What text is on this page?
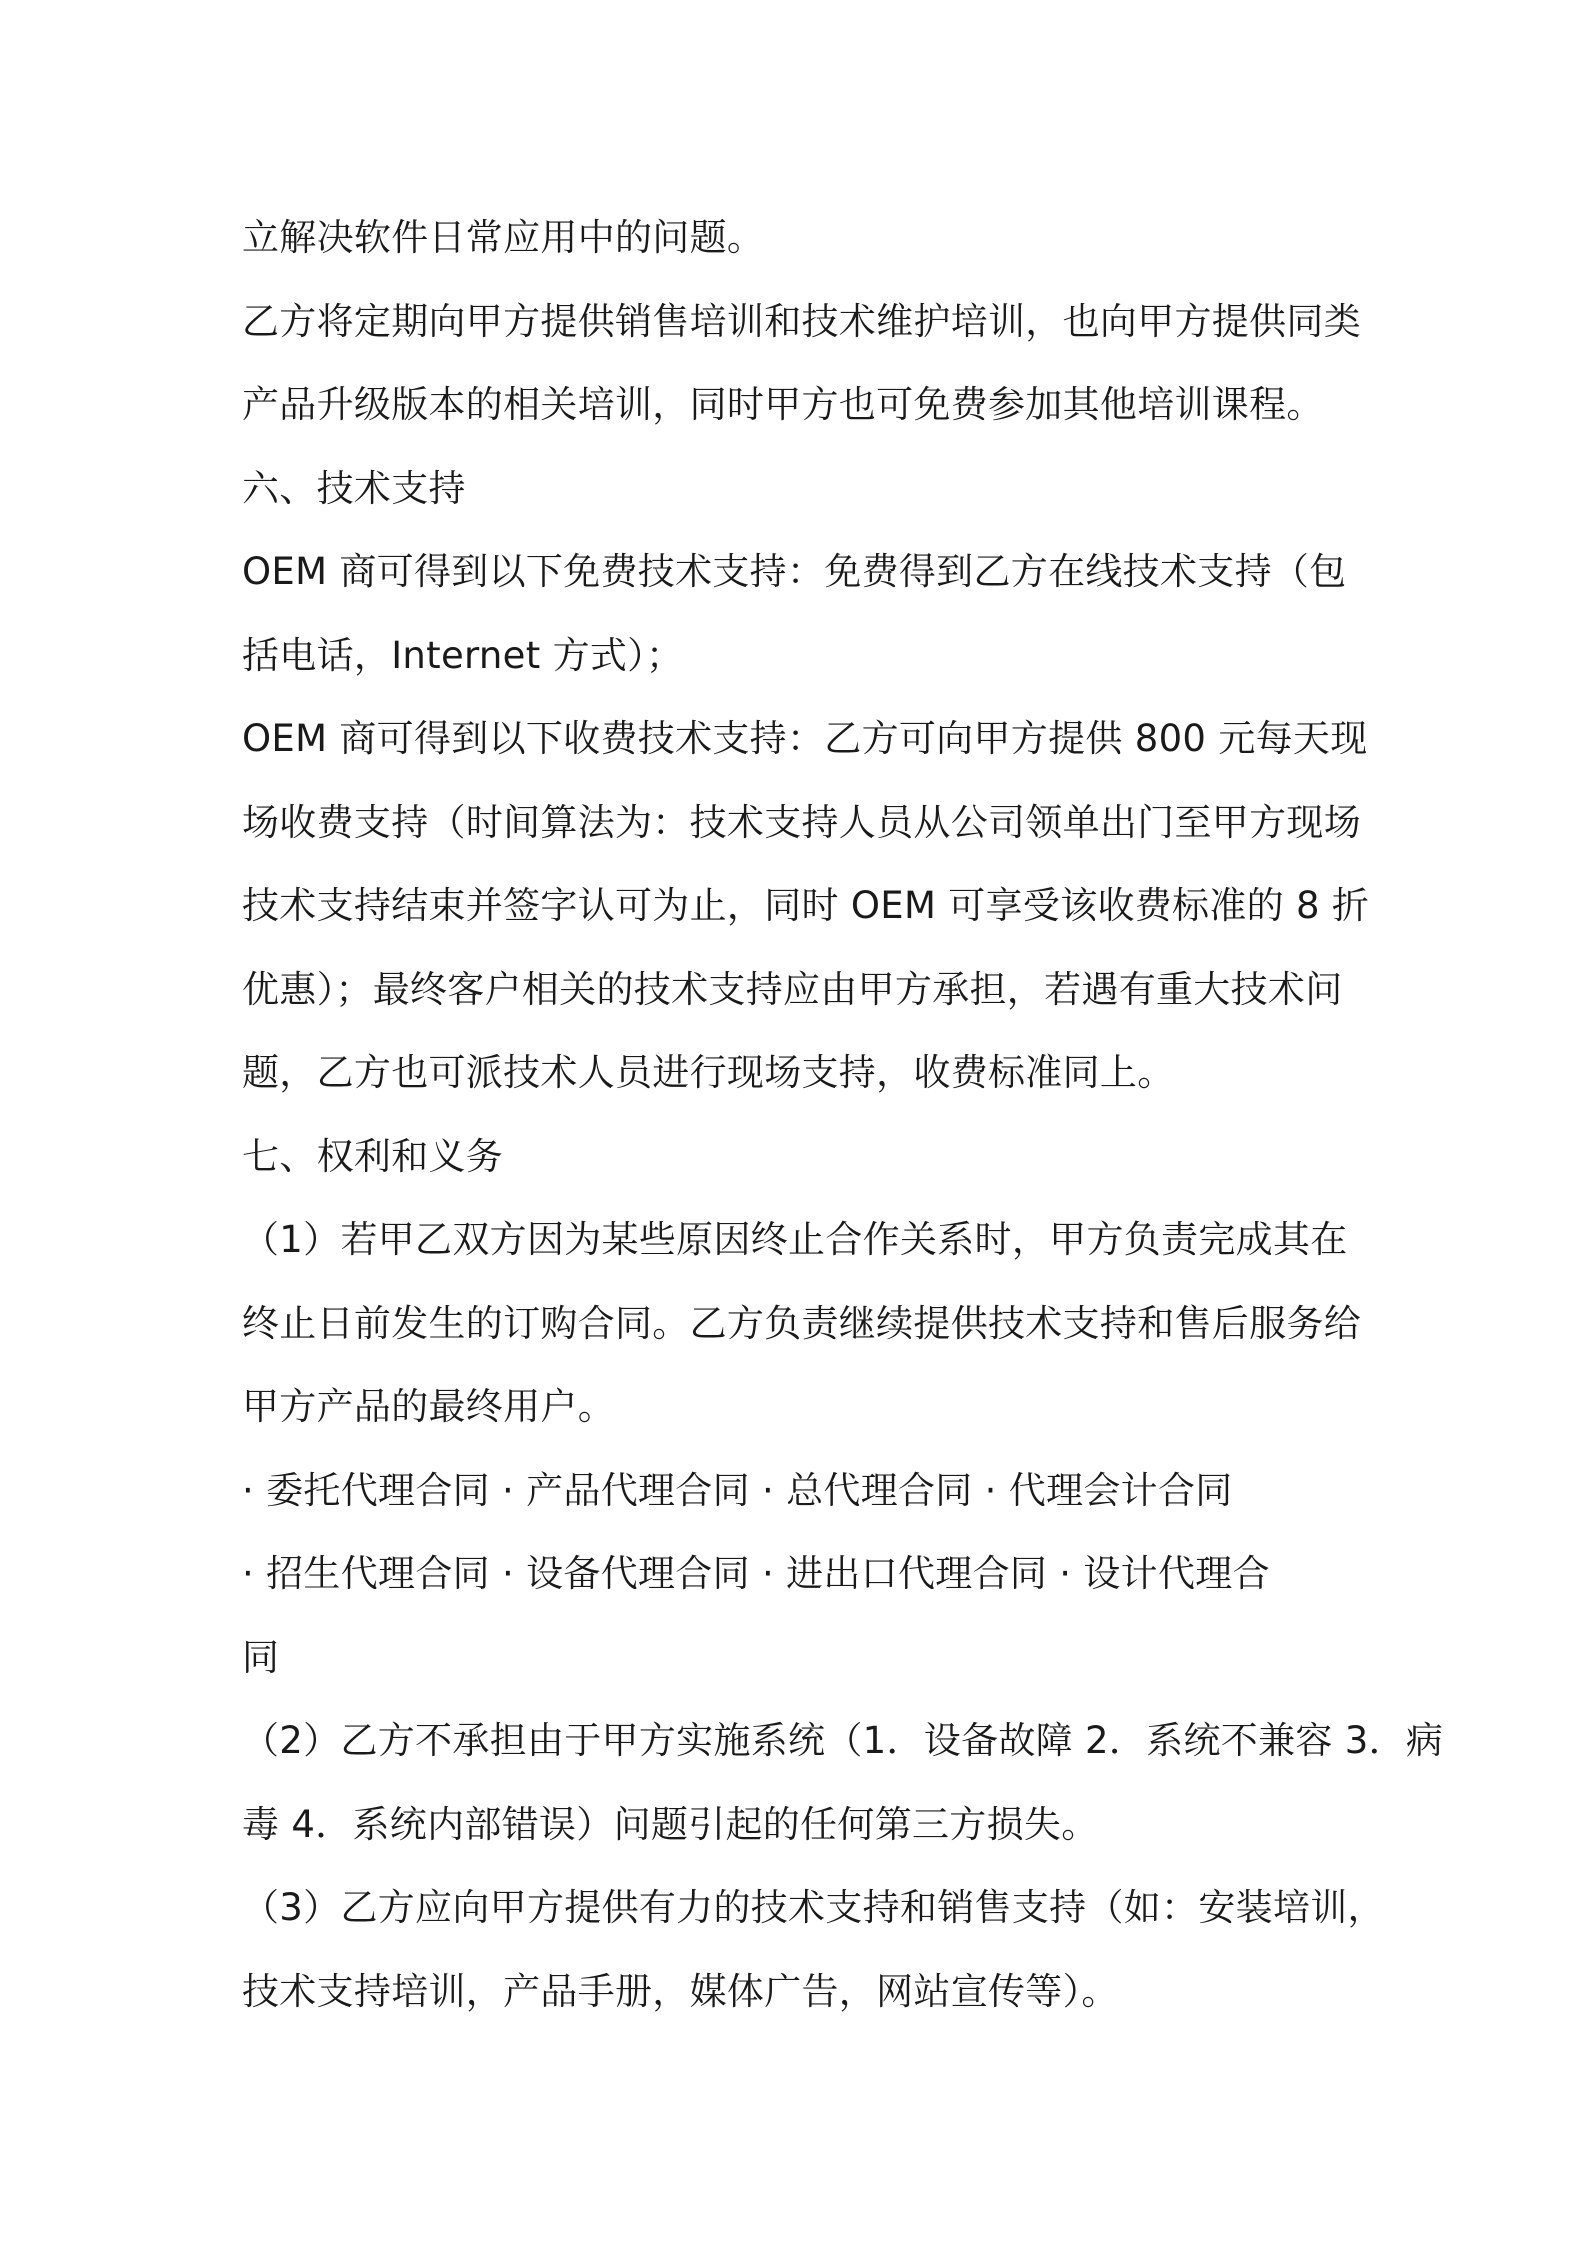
立解决软件日常应用中的问题。
乙方将定期向甲方提供销售培训和技术维护培训，也向甲方提供同类
产品升级版本的相关培训，同时甲方也可免费参加其他培训课程。
六、技术支持
OEM 商可得到以下免费技术支持：免费得到乙方在线技术支持（包
括电话，Internet 方式）；
OEM 商可得到以下收费技术支持：乙方可向甲方提供 800 元每天现
场收费支持（时间算法为：技术支持人员从公司领单出门至甲方现场
技术支持结束并签字认可为止，同时 OEM 可享受该收费标准的 8 折
优惠）；最终客户相关的技术支持应由甲方承担，若遇有重大技术问
题，乙方也可派技术人员进行现场支持，收费标准同上。
七、权利和义务
（1）若甲乙双方因为某些原因终止合作关系时，甲方负责完成其在
终止日前发生的订购合同。乙方负责继续提供技术支持和售后服务给
甲方产品的最终用户。
· 委托代理合同 · 产品代理合同 · 总代理合同 · 代理会计合同
· 招生代理合同 · 设备代理合同 · 进出口代理合同 · 设计代理合
同
（2）乙方不承担由于甲方实施系统（1．设备故障 2．系统不兼容 3．病
毒 4．系统内部错误）问题引起的任何第三方损失。
（3）乙方应向甲方提供有力的技术支持和销售支持（如：安装培训，
技术支持培训，产品手册，媒体广告，网站宣传等）。
